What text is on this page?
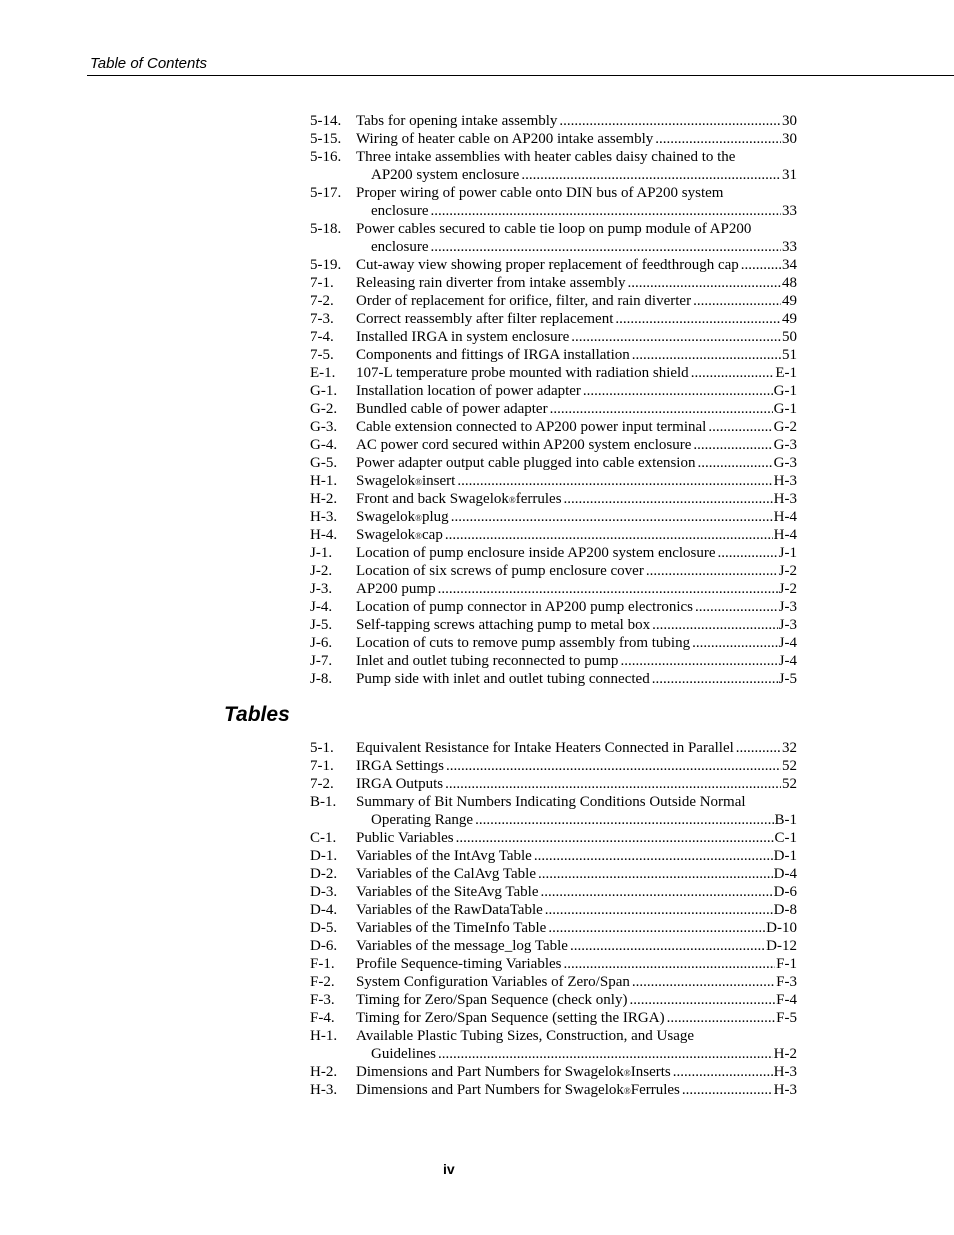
Table of Contents
5-14. Tabs for opening intake assembly .....	30
5-15. Wiring of heater cable on AP200 intake assembly .....	30
5-16. Three intake assemblies with heater cables daisy chained to the
AP200 system enclosure .....	31
5-17. Proper wiring of power cable onto DIN bus of AP200 system
enclosure .....	33
5-18. Power cables secured to cable tie loop on pump module of AP200
enclosure .....	33
5-19. Cut-away view showing proper replacement of feedthrough cap .....	34
7-1. Releasing rain diverter from intake assembly .....	48
7-2. Order of replacement for orifice, filter, and rain diverter .....	49
7-3. Correct reassembly after filter replacement .....	49
7-4. Installed IRGA in system enclosure .....	50
7-5. Components and fittings of IRGA installation .....	51
E-1. 107-L temperature probe mounted with radiation shield .....	E-1
G-1. Installation location of power adapter .....	G-1
G-2. Bundled cable of power adapter .....	G-1
G-3. Cable extension connected to AP200 power input terminal .....	G-2
G-4. AC power cord secured within AP200 system enclosure .....	G-3
G-5. Power adapter output cable plugged into cable extension .....	G-3
H-1. Swagelok ® insert .....	H-3
H-2. Front and back Swagelok ® ferrules .....	H-3
H-3. Swagelok ® plug .....	H-4
H-4. Swagelok ® cap .....	H-4
J-1. Location of pump enclosure inside AP200 system enclosure .....	J-1
J-2. Location of six screws of pump enclosure cover .....	J-2
J-3. AP200 pump .....	J-2
J-4. Location of pump connector in AP200 pump electronics .....	J-3
J-5. Self-tapping screws attaching pump to metal box .....	J-3
J-6. Location of cuts to remove pump assembly from tubing .....	J-4
J-7. Inlet and outlet tubing reconnected to pump .....	J-4
J-8. Pump side with inlet and outlet tubing connected .....	J-5
Tables
5-1. Equivalent Resistance for Intake Heaters Connected in Parallel .....	32
7-1. IRGA Settings .....	52
7-2. IRGA Outputs .....	52
B-1. Summary of Bit Numbers Indicating Conditions Outside Normal
Operating Range .....	B-1
C-1. Public Variables .....	C-1
D-1. Variables of the IntAvg Table .....	D-1
D-2. Variables of the CalAvg Table .....	D-4
D-3. Variables of the SiteAvg Table .....	D-6
D-4. Variables of the RawDataTable .....	D-8
D-5. Variables of the TimeInfo Table .....	D-10
D-6. Variables of the message_log Table .....	D-12
F-1. Profile Sequence-timing Variables .....	F-1
F-2. System Configuration Variables of Zero/Span .....	F-3
F-3. Timing for Zero/Span Sequence (check only) .....	F-4
F-4. Timing for Zero/Span Sequence (setting the IRGA) .....	F-5
H-1. Available Plastic Tubing Sizes, Construction, and Usage
Guidelines .....	H-2
H-2. Dimensions and Part Numbers for Swagelok ® Inserts .....	H-3
H-3. Dimensions and Part Numbers for Swagelok ® Ferrules .....	H-3
iv
